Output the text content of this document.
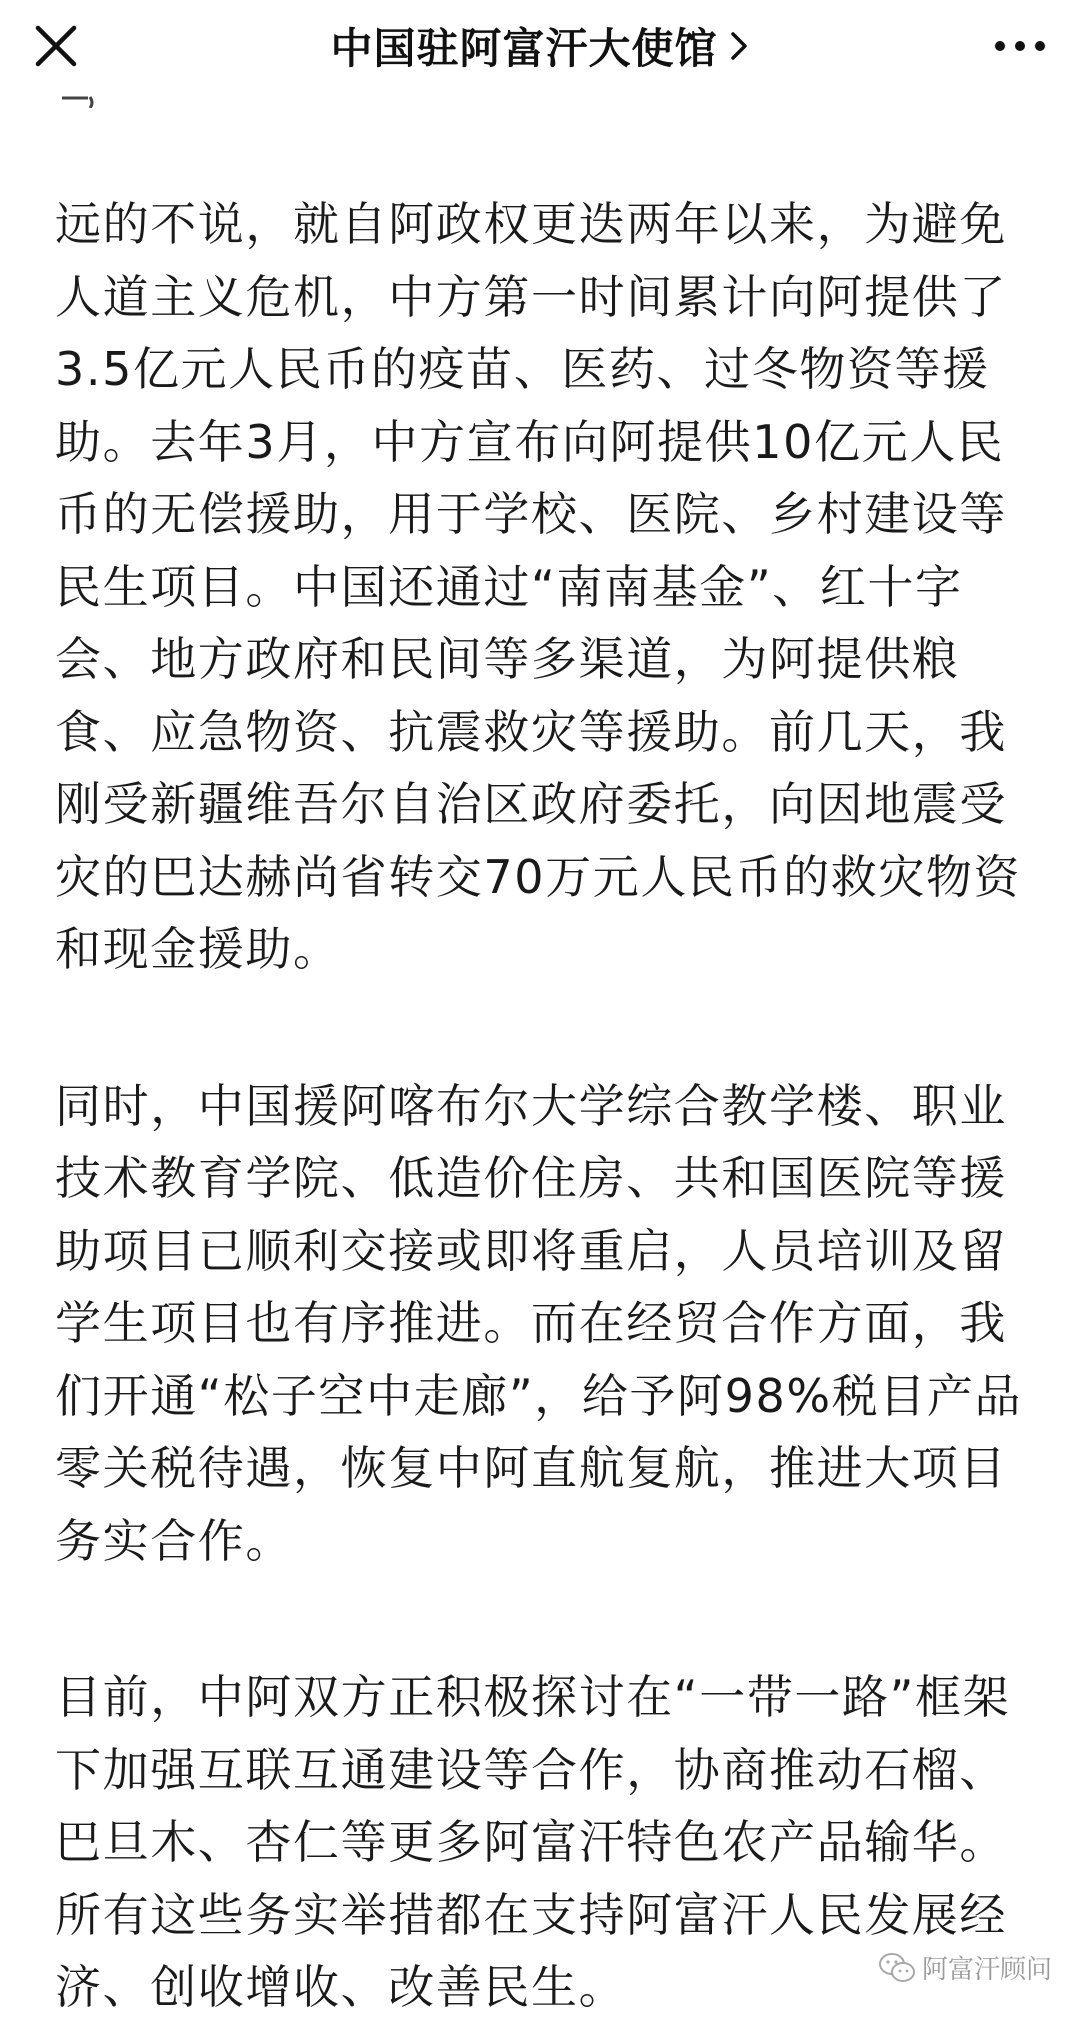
中国驻阿富汗大使馆

远的不说，就自阿政权更迭两年以来，为避免人道主义危机，中方第一时间累计向阿提供了3.5亿元人民币的疫苗、医药、过冬物资等援助。去年3月，中方宣布向阿提供10亿元人民币的无偿援助，用于学校、医院、乡村建设等民生项目。中国还通过“南南基金”、红十字会、地方政府和民间等多渠道，为阿提供粮食、应急物资、抗震救灾等援助。前几天，我刚受新疆维吾尔自治区政府委托，向因地震受灾的巴达赫尚省转交70万元人民币的救灾物资和现金援助。

同时，中国援阿喀布尔大学综合教学楼、职业技术教育学院、低造价住房、共和国医院等援助项目已顺利交接或即将重启，人员培训及留学生项目也有序推进。而在经贸合作方面，我们开通“松子空中走廊”，给予阿98%税目产品零关税待遇，恢复中阿直航复航，推进大项目务实合作。

目前，中阿双方正积极探讨在“一带一路”框架下加强互联互通建设等合作，协商推动石榴、巴旦木、杏仁等更多阿富汗特色农产品输华。所有这些务实举措都在支持阿富汗人民发展经济、创收增收、改善民生。	阿富汗顾问
